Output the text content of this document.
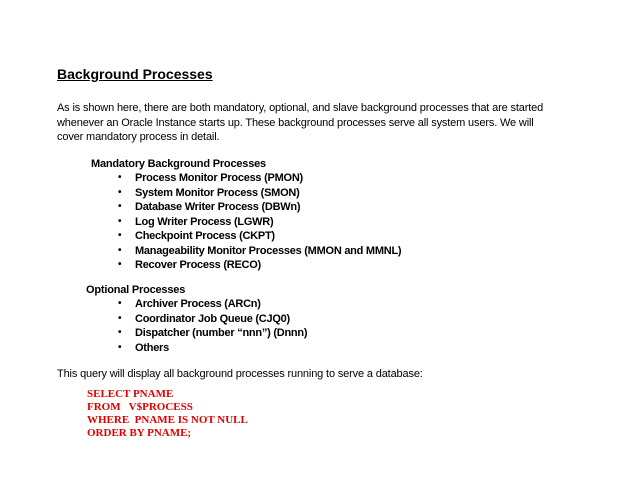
Background Processes

As is shown here, there are both mandatory, optional, and slave background processes that are started
whenever an Oracle Instance starts up. These background processes serve all system users. We will
cover mandatory process in detail.

Mandatory Background Processes
• Process Monitor Process (PMON)
• System Monitor Process (SMON)
• Database Writer Process (DBWn)
• Log Writer Process (LGWR)
• Checkpoint Process (CKPT)
• Manageability Monitor Processes (MMON and MMNL)
• Recover Process (RECO)
Optional Processes
• Archiver Process (ARCn)
• Coordinator Job Queue (CJQ0)
• Dispatcher (number “nnn”) (Dnnn)
• Others

This query will display all background processes running to serve a database:

SELECT PNAME
FROM   V$PROCESS
WHERE  PNAME IS NOT NULL
ORDER BY PNAME;
